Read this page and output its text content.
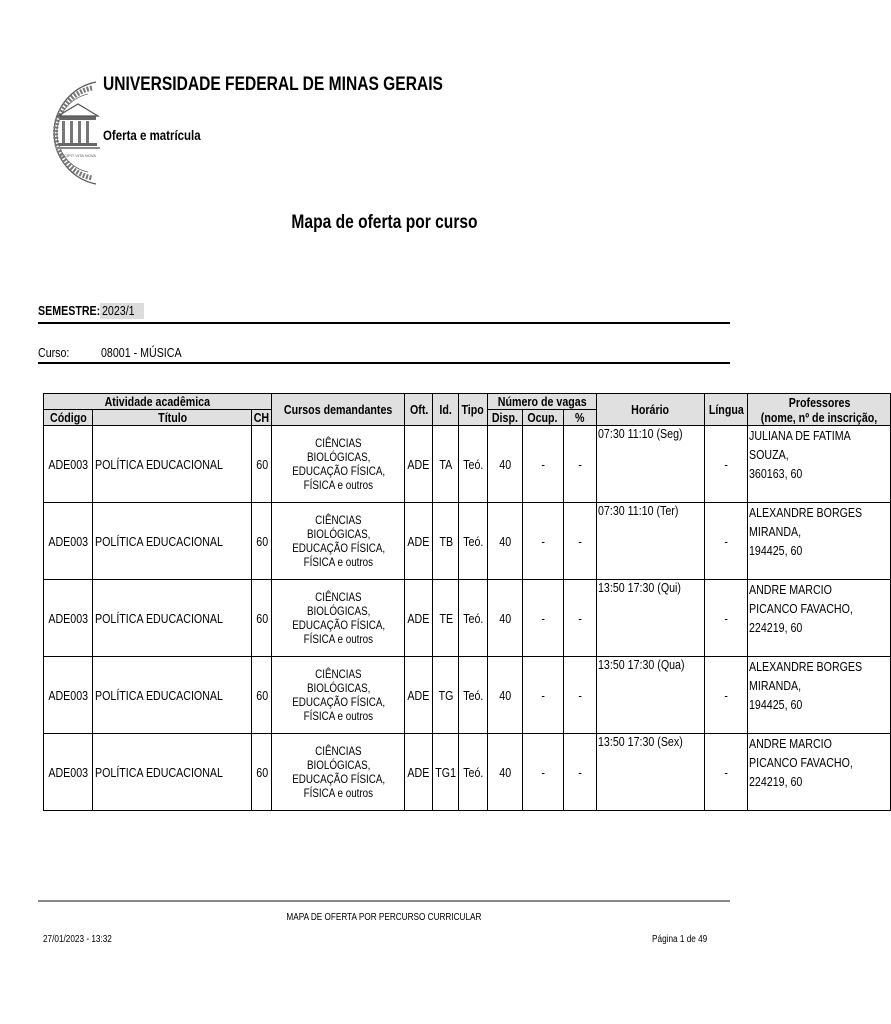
INCIPIT VITA NOVA
UNIVERSIDADE FEDERAL DE MINAS GERAIS
Oferta e matrícula
Mapa de oferta por curso
SEMESTRE: 2023/1
Curso:	08001 - MÚSICA
Atividade acadêmica			Cursos demandantes	Oft.	Id.	Tipo	Número de vagas			Horário	Língua	Professores
(nome, nº de inscrição,
Código	Título	CH					Disp.	Ocup.	%			
ADE003	POLÍTICA EDUCACIONAL	60	CIÊNCIAS
BIOLÓGICAS,
EDUCAÇÃO FÍSICA,
FÍSICA e outros	ADE	TA	Teó.	40	-	-	07:30 11:10 (Seg)	-	JULIANA DE FATIMA
SOUZA,
360163, 60
ADE003	POLÍTICA EDUCACIONAL	60	CIÊNCIAS
BIOLÓGICAS,
EDUCAÇÃO FÍSICA,
FÍSICA e outros	ADE	TB	Teó.	40	-	-	07:30 11:10 (Ter)	-	ALEXANDRE BORGES
MIRANDA,
194425, 60
ADE003	POLÍTICA EDUCACIONAL	60	CIÊNCIAS
BIOLÓGICAS,
EDUCAÇÃO FÍSICA,
FÍSICA e outros	ADE	TE	Teó.	40	-	-	13:50 17:30 (Qui)	-	ANDRE MARCIO
PICANCO FAVACHO,
224219, 60
ADE003	POLÍTICA EDUCACIONAL	60	CIÊNCIAS
BIOLÓGICAS,
EDUCAÇÃO FÍSICA,
FÍSICA e outros	ADE	TG	Teó.	40	-	-	13:50 17:30 (Qua)	-	ALEXANDRE BORGES
MIRANDA,
194425, 60
ADE003	POLÍTICA EDUCACIONAL	60	CIÊNCIAS
BIOLÓGICAS,
EDUCAÇÃO FÍSICA,
FÍSICA e outros	ADE	TG1	Teó.	40	-	-	13:50 17:30 (Sex)	-	ANDRE MARCIO
PICANCO FAVACHO,
224219, 60
MAPA DE OFERTA POR PERCURSO CURRICULAR
27/01/2023 - 13:32	Página 1 de 49
